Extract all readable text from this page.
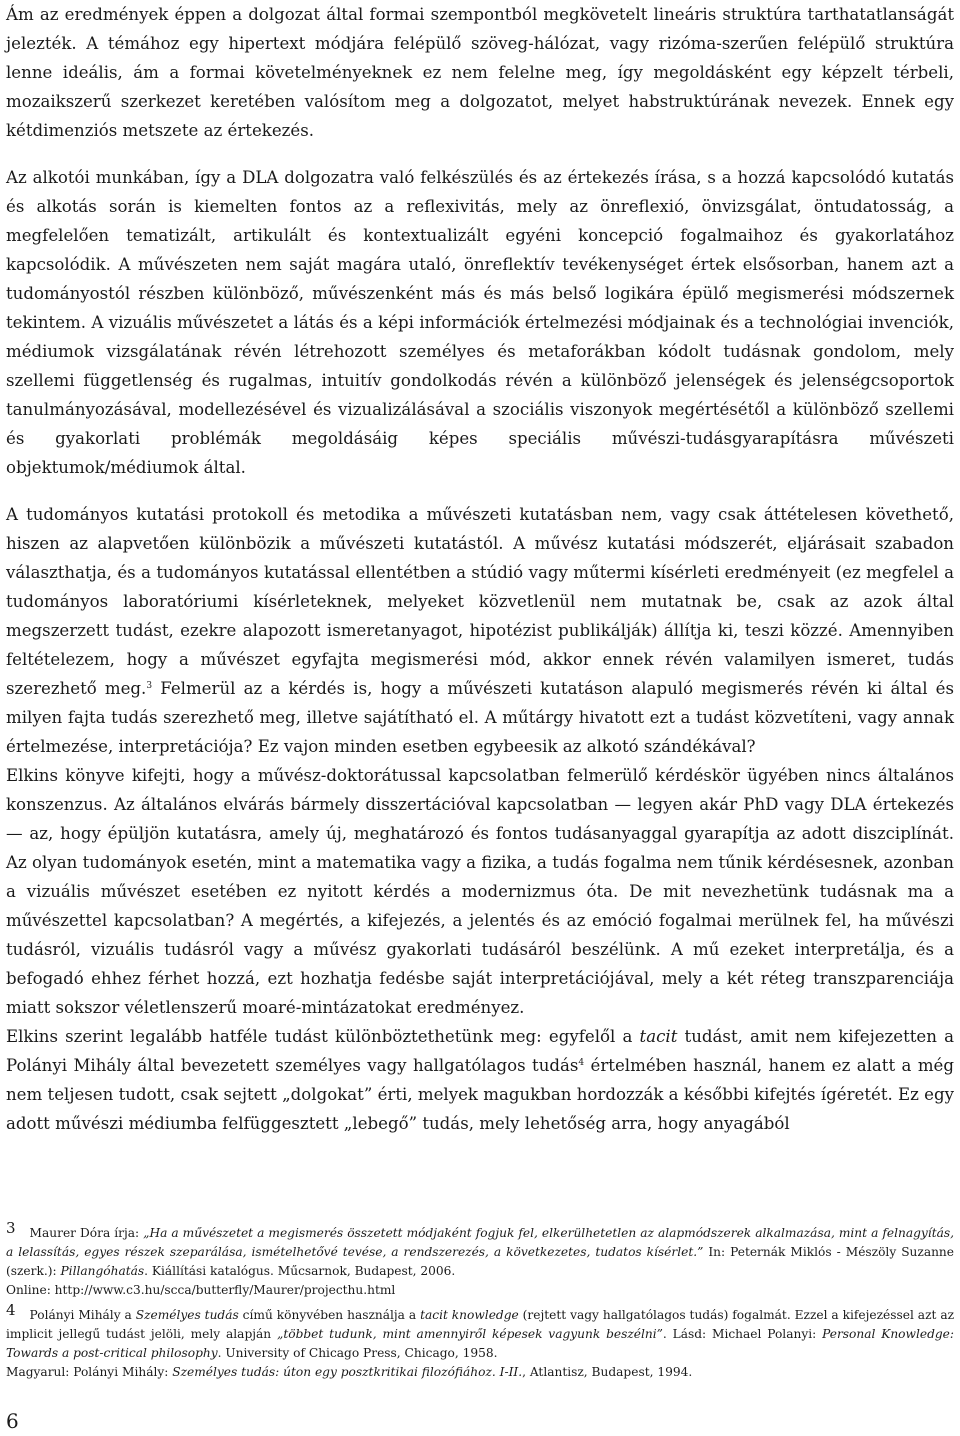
Ám az eredmények éppen a dolgozat által formai szempontból megkövetelt lineáris struktúra tarthatatlanságát jelezték. A témához egy hipertext módjára felépülő szöveg-hálózat, vagy rizóma-szerűen felépülő struktúra lenne ideális, ám a formai követelményeknek ez nem felelne meg, így megoldásként egy képzelt térbeli, mozaikszerű szerkezet keretében valósítom meg a dolgozatot, melyet habstruktúrának nevezek. Ennek egy kétdimenziós metszete az értekezés.

Az alkotói munkában, így a DLA dolgozatra való felkészülés és az értekezés írása, s a hozzá kapcsolódó kutatás és alkotás során is kiemelten fontos az a reflexivitás, mely az önreflexió, önvizsgálat, öntudatosság, a megfelelően tematizált, artikulált és kontextualizált egyéni koncepció fogalmaihoz és gyakorlatához kapcsolódik. A művészeten nem saját magára utaló, önreflektív tevékenységet értek elsősorban, hanem azt a tudományostól részben különböző, művészenként más és más belső logikára épülő megismerési módszernek tekintem. A vizuális művészetet a látás és a képi információk értelmezési módjainak és a technológiai invenciók, médiumok vizsgálatának révén létrehozott személyes és metaforákban kódolt tudásnak gondolom, mely szellemi függetlenség és rugalmas, intuitív gondolkodás révén a különböző jelenségek és jelenségcsoportok tanulmányozásával, modellezésével és vizualizálásával a szociális viszonyok megértésétől a különböző szellemi és gyakorlati problémák megoldásáig képes speciális művészi-tudásgyarapításra művészeti objektumok/médiumok által.

A tudományos kutatási protokoll és metodika a művészeti kutatásban nem, vagy csak áttételesen követhető, hiszen az alapvetően különbözik a művészeti kutatástól. A művész kutatási módszerét, eljárásait szabadon választhatja, és a tudományos kutatással ellentétben a stúdió vagy műtermi kísérleti eredményeit (ez megfelel a tudományos laboratóriumi kísérleteknek, melyeket közvetlenül nem mutatnak be, csak az azok által megszerzett tudást, ezekre alapozott ismeretanyagot, hipotézist publikálják) állítja ki, teszi közzé. Amennyiben feltételezem, hogy a művészet egyfajta megismerési mód, akkor ennek révén valamilyen ismeret, tudás szerezhető meg.$^3$ Felmerül az a kérdés is, hogy a művészeti kutatáson alapuló megismerés révén ki által és milyen fajta tudás szerezhető meg, illetve sajátítható el. A műtárgy hivatott ezt a tudást közvetíteni, vagy annak értelmezése, interpretációja? Ez vajon minden esetben egybeesik az alkotó szándékával?

Elkins könyve kifejti, hogy a művész-doktorátussal kapcsolatban felmerülő kérdéskör ügyében nincs általános konszenzus. Az általános elvárás bármely disszertációval kapcsolatban — legyen akár PhD vagy DLA értekezés — az, hogy épüljön kutatásra, amely új, meghatározó és fontos tudásanyaggal gyarapítja az adott diszciplínát. Az olyan tudományok esetén, mint a matematika vagy a fizika, a tudás fogalma nem tűnik kérdésesnek, azonban a vizuális művészet esetében ez nyitott kérdés a modernizmus óta. De mit nevezhetünk tudásnak ma a művészettel kapcsolatban? A megértés, a kifejezés, a jelentés és az emóció fogalmai merülnek fel, ha művészi tudásról, vizuális tudásról vagy a művész gyakorlati tudásáról beszélünk. A mű ezeket interpretálja, és a befogadó ehhez férhet hozzá, ezt hozhatja fedésbe saját interpretációjával, mely a két réteg transzparenciája miatt sokszor véletlenszerű moaré-mintázatokat eredményez.

Elkins szerint legalább hatféle tudást különböztethetünk meg: egyfelől a tacit tudást, amit nem kifejezetten a Polányi Mihály által bevezetett személyes vagy hallgatólagos tudás$^4$ értelmében használ, hanem ez alatt a még nem teljesen tudott, csak sejtett „dolgokat” érti, melyek magukban hordozzák a későbbi kifejtés ígéretét. Ez egy adott művészi médiumba felfüggesztett „lebegő” tudás, mely lehetőség arra, hogy anyagából

3 Maurer Dóra írja: „Ha a művészetet a megismerés összetett módjaként fogjuk fel, elkerülhetetlen az alapmódszerek alkalmazása, mint a felnagyítás, a lelassítás, egyes részek szeparálása, ismételhetővé tevése, a rendszerezés, a következetes, tudatos kísérlet.” In: Peternák Miklós - Mészöly Suzanne (szerk.): Pillangóhatás. Kiállítási katalógus. Műcsarnok, Budapest, 2006.

Online: http://www.c3.hu/scca/butterfly/Maurer/projecthu.html

4 Polányi Mihály a Személyes tudás című könyvében használja a tacit knowledge (rejtett vagy hallgatólagos tudás) fogalmát. Ezzel a kifejezéssel azt az implicit jellegű tudást jelöli, mely alapján „többet tudunk, mint amennyiről képesek vagyunk beszélni”. Lásd: Michael Polanyi: Personal Knowledge: Towards a post-critical philosophy. University of Chicago Press, Chicago, 1958.

Magyarul: Polányi Mihály: Személyes tudás: úton egy posztkritikai filozófiához. I-II., Atlantisz, Budapest, 1994.

6
